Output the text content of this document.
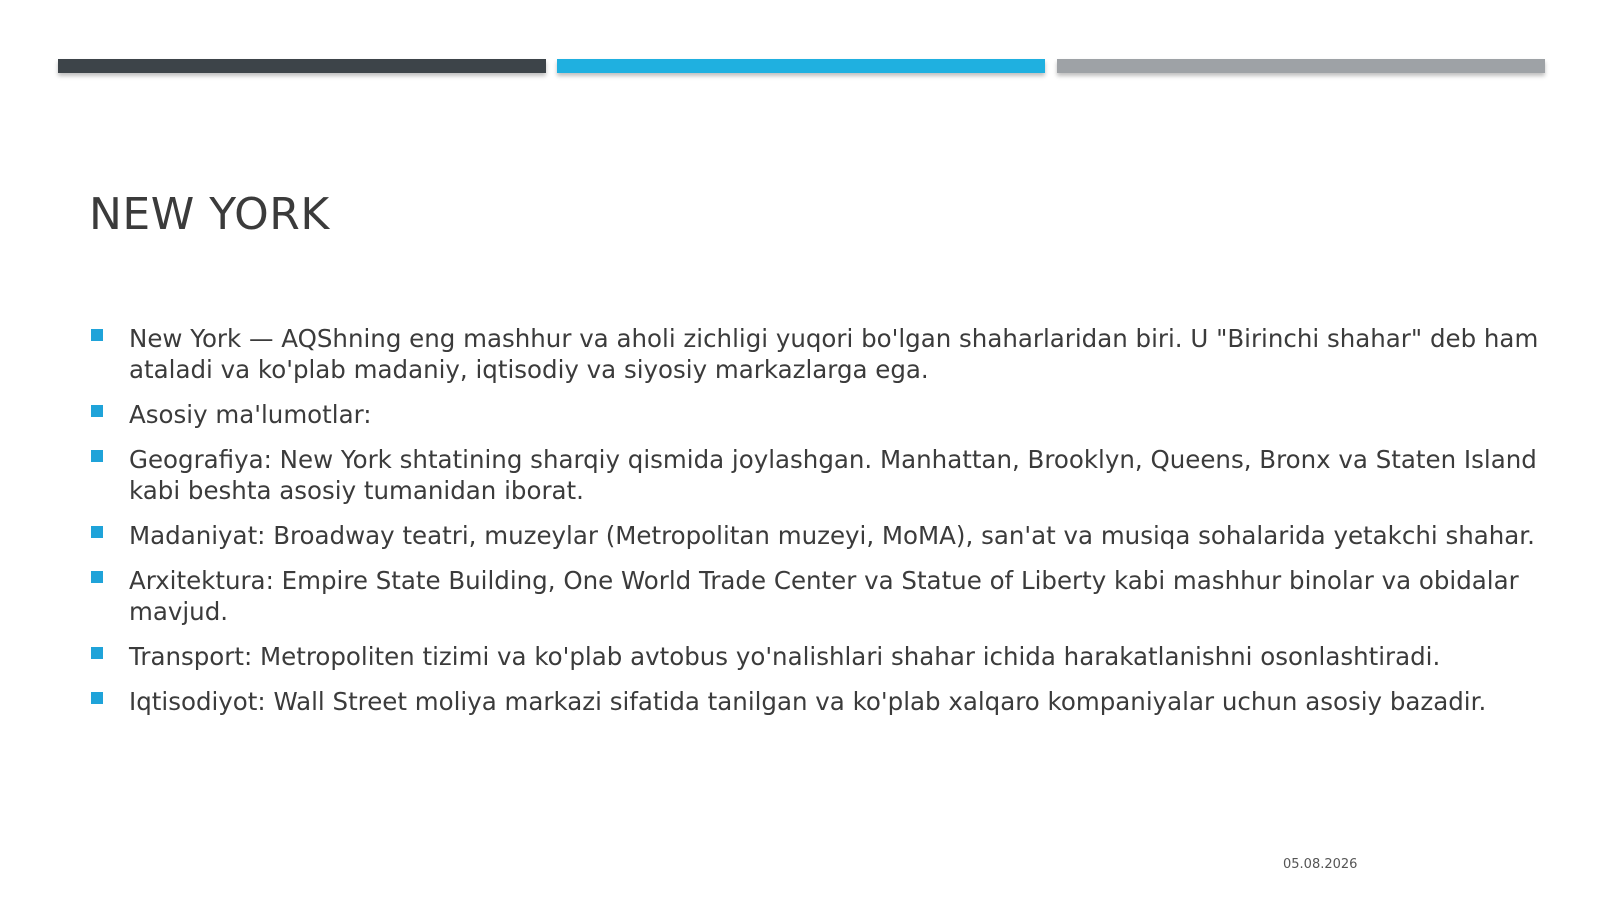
NEW YORK
New York — AQShning eng mashhur va aholi zichligi yuqori bo'lgan shaharlaridan biri. U "Birinchi shahar" deb ham ataladi va ko'plab madaniy, iqtisodiy va siyosiy markazlarga ega.
Asosiy ma'lumotlar:
Geografiya: New York shtatining sharqiy qismida joylashgan. Manhattan, Brooklyn, Queens, Bronx va Staten Island kabi beshta asosiy tumanidan iborat.
Madaniyat: Broadway teatri, muzeylar (Metropolitan muzeyi, MoMA), san'at va musiqa sohalarida yetakchi shahar.
Arxitektura: Empire State Building, One World Trade Center va Statue of Liberty kabi mashhur binolar va obidalar mavjud.
Transport: Metropoliten tizimi va ko'plab avtobus yo'nalishlari shahar ichida harakatlanishni osonlashtiradi.
Iqtisodiyot: Wall Street moliya markazi sifatida tanilgan va ko'plab xalqaro kompaniyalar uchun asosiy bazadir.
05.08.2026
